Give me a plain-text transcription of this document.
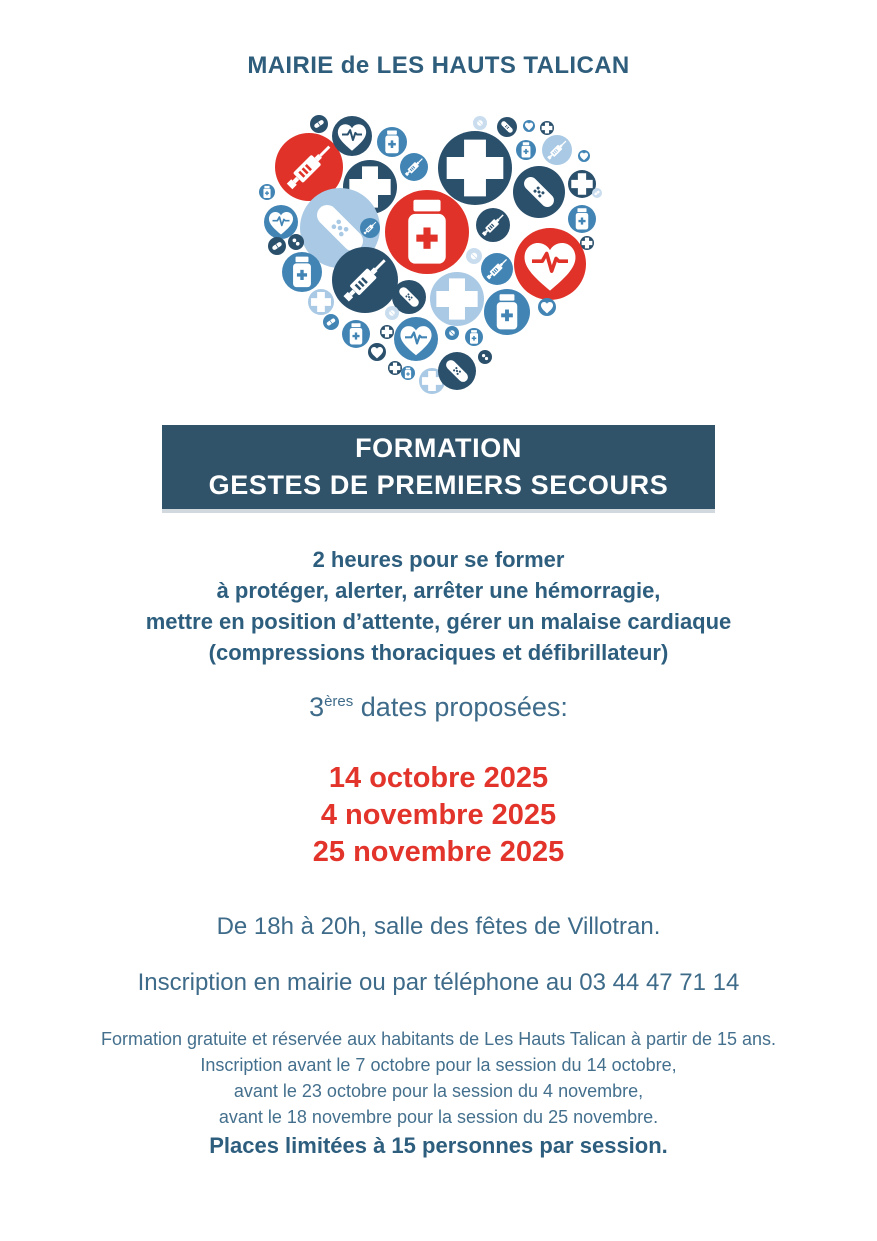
MAIRIE de LES HAUTS TALICAN
FORMATION
GESTES DE PREMIERS SECOURS
2 heures pour se former
à protéger, alerter, arrêter une hémorragie,
mettre en position d’attente, gérer un malaise cardiaque
(compressions thoraciques et défibrillateur)
3ères dates proposées:
14 octobre 2025
4 novembre 2025
25 novembre 2025
De 18h à 20h, salle des fêtes de Villotran.
Inscription en mairie ou par téléphone au 03 44 47 71 14
Formation gratuite et réservée aux habitants de Les Hauts Talican à partir de 15 ans.
Inscription avant le 7 octobre pour la session du 14 octobre,
avant le 23 octobre pour la session du 4 novembre,
avant le 18 novembre pour la session du 25 novembre.
Places limitées à 15 personnes par session.
